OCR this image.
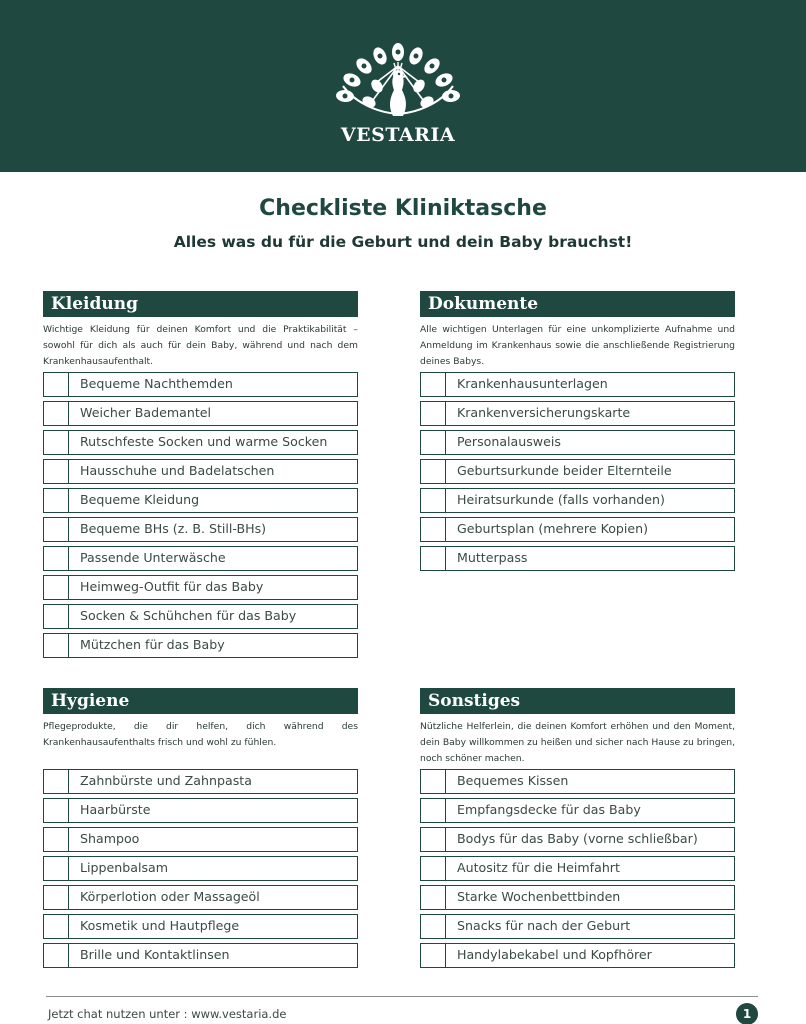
VESTARIA
Checkliste Kliniktasche
Alles was du für die Geburt und dein Baby brauchst!
Kleidung
Wichtige Kleidung für deinen Komfort und die Praktikabilität – sowohl für dich als auch für dein Baby, während und nach dem Krankenhausaufenthalt.
Bequeme Nachthemden
Weicher Bademantel
Rutschfeste Socken und warme Socken
Hausschuhe und Badelatschen
Bequeme Kleidung
Bequeme BHs (z. B. Still-BHs)
Passende Unterwäsche
Heimweg-Outfit für das Baby
Socken & Schühchen für das Baby
Mützchen für das Baby
Dokumente
Alle wichtigen Unterlagen für eine unkomplizierte Aufnahme und Anmeldung im Krankenhaus sowie die anschließende Registrierung deines Babys.
Krankenhausunterlagen
Krankenversicherungskarte
Personalausweis
Geburtsurkunde beider Elternteile
Heiratsurkunde (falls vorhanden)
Geburtsplan (mehrere Kopien)
Mutterpass
Hygiene
Pflegeprodukte, die dir helfen, dich während des Krankenhausaufenthalts frisch und wohl zu fühlen.
Zahnbürste und Zahnpasta
Haarbürste
Shampoo
Lippenbalsam
Körperlotion oder Massageöl
Kosmetik und Hautpflege
Brille und Kontaktlinsen
Sonstiges
Nützliche Helferlein, die deinen Komfort erhöhen und den Moment, dein Baby willkommen zu heißen und sicher nach Hause zu bringen, noch schöner machen.
Bequemes Kissen
Empfangsdecke für das Baby
Bodys für das Baby (vorne schließbar)
Autositz für die Heimfahrt
Starke Wochenbettbinden
Snacks für nach der Geburt
Handylabekabel und Kopfhörer
Jetzt chat nutzen unter : www.vestaria.de	1
